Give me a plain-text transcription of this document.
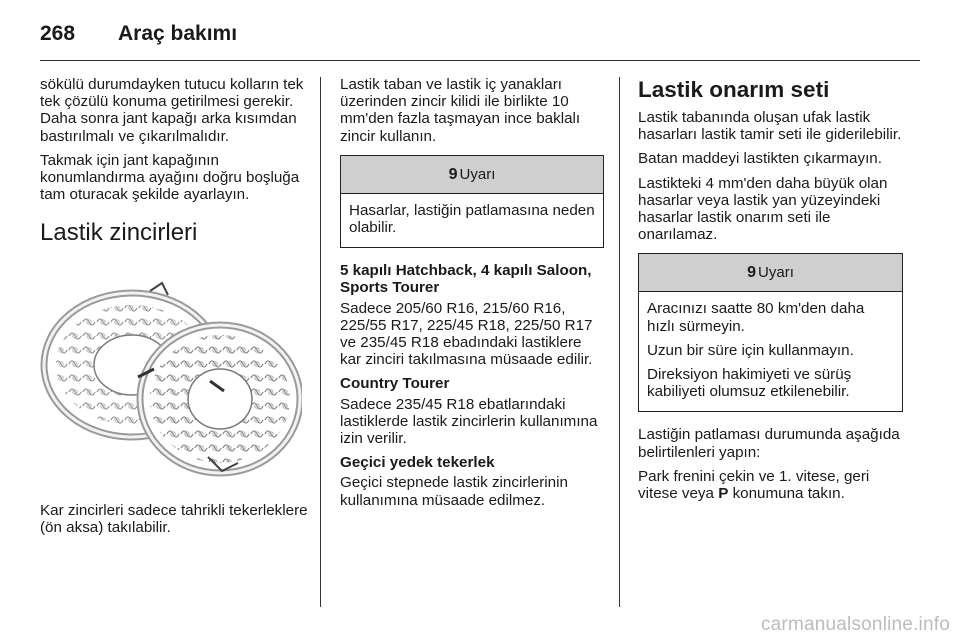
268 Araç bakımı

sökülü durumdayken tutucu kolların tek tek çözülü konuma getirilmesi gerekir. Daha sonra jant kapağı arka kısımdan bastırılmalı ve çıkarılmalıdır.

Takmak için jant kapağının konumlandırma ayağını doğru boşluğa tam oturacak şekilde ayarlayın.

Lastik zincirleri

Kar zincirleri sadece tahrikli tekerleklere (ön aksa) takılabilir.

Lastik taban ve lastik iç yanakları üzerinden zincir kilidi ile birlikte 10 mm'den fazla taşmayan ince baklalı zincir kullanın.

9 Uyarı

Hasarlar, lastiğin patlamasına neden olabilir.

5 kapılı Hatchback, 4 kapılı Saloon, Sports Tourer

Sadece 205/60 R16, 215/60 R16, 225/55 R17, 225/45 R18, 225/50 R17 ve 235/45 R18 ebadındaki lastiklere kar zinciri takılmasına müsaade edilir.

Country Tourer

Sadece 235/45 R18 ebatlarındaki lastiklerde lastik zincirlerin kullanımına izin verilir.

Geçici yedek tekerlek

Geçici stepnede lastik zincirlerinin kullanımına müsaade edilmez.

Lastik onarım seti

Lastik tabanında oluşan ufak lastik hasarları lastik tamir seti ile giderilebilir.

Batan maddeyi lastikten çıkarmayın.

Lastikteki 4 mm'den daha büyük olan hasarlar veya lastik yan yüzeyindeki hasarlar lastik onarım seti ile onarılamaz.

9 Uyarı

Aracınızı saatte 80 km'den daha hızlı sürmeyin.

Uzun bir süre için kullanmayın.

Direksiyon hakimiyeti ve sürüş kabiliyeti olumsuz etkilenebilir.

Lastiğin patlaması durumunda aşağıda belirtilenleri yapın:

Park frenini çekin ve 1. vitese, geri vitese veya P konumuna takın.

carmanualsonline.info
